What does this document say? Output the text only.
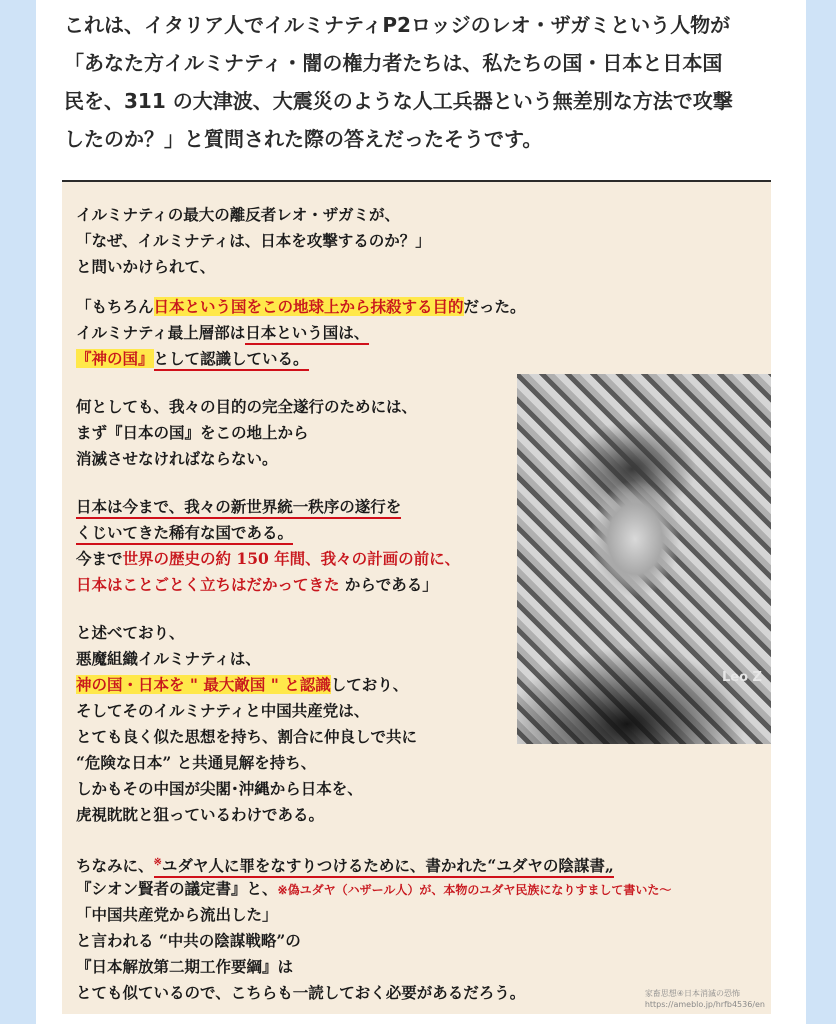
これは、イタリア人でイルミナティP2ロッジのレオ・ザガミという人物が
「あなた方イルミナティ・闇の権力者たちは、私たちの国・日本と日本国
民を、311 の大津波、大震災のような人工兵器という無差別な方法で攻撃
したのか？」と質問された際の答えだったそうです。
Leo Z
イルミナティの最大の離反者レオ・ザガミが、
「なぜ、イルミナティは、日本を攻撃するのか？」
と問いかけられて、
「もちろん日本という国をこの地球上から抹殺する目的だった。
イルミナティ最上層部は日本という国は、
『神の国』として認識している。
何としても、我々の目的の完全遂行のためには、
まず『日本の国』をこの地上から
消滅させなければならない。
日本は今まで、我々の新世界統一秩序の遂行を
くじいてきた稀有な国である。
今まで世界の歴史の約 150 年間、我々の計画の前に、
日本はことごとく立ちはだかってきた からである」
と述べており、
悪魔組織イルミナティは、
神の国・日本を " 最大敵国 " と認識しており、
そしてそのイルミナティと中国共産党は、
とても良く似た思想を持ち、割合に仲良しで共に
“危険な日本” と共通見解を持ち、
しかもその中国が尖閣･沖縄から日本を、
虎視眈眈と狙っているわけである。
ちなみに、※ユダヤ人に罪をなすりつけるために、書かれた“ユダヤの陰謀書„
『シオン賢者の議定書』と、※偽ユダヤ（ハザール人）が、本物のユダヤ民族になりすまして書いた〜
「中国共産党から流出した」
と言われる “中共の陰謀戦略”の
『日本解放第二期工作要綱』は
とても似ているので、こちらも一読しておく必要があるだろう。	家畜思想④日本消滅の恐怖
https://ameblo.jp/hrfb4536/en
